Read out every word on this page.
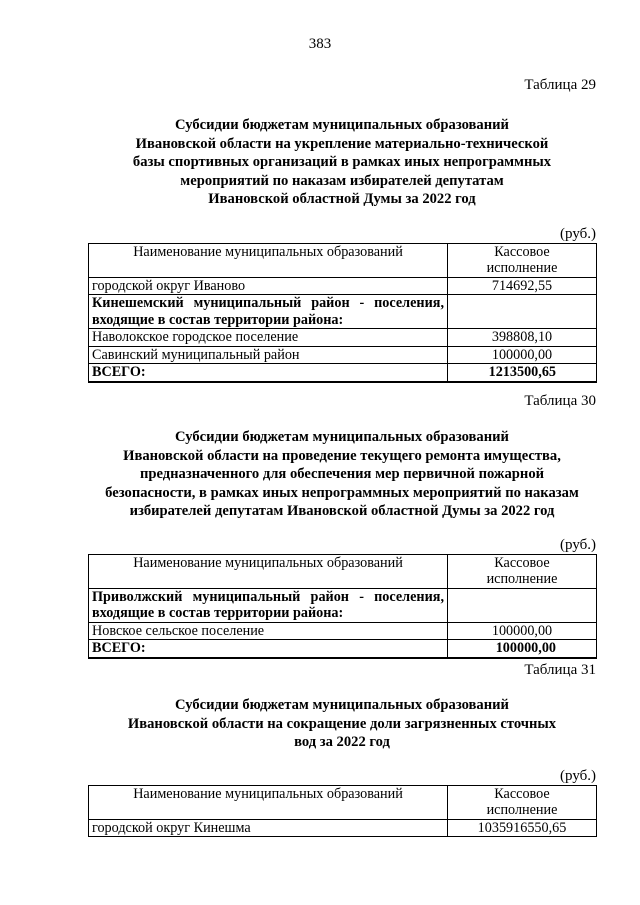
383
Таблица 29
Субсидии бюджетам муниципальных образований
Ивановской области на укрепление материально-технической
базы спортивных организаций в рамках иных непрограммных
мероприятий по наказам избирателей депутатам
Ивановской областной Думы за 2022 год
(руб.)
Наименование муниципальных образований	Кассовое
исполнение
городской округ Иваново	714692,55
Кинешемский муниципальный район - поселения, входящие в состав территории района:	
Наволокское городское поселение	398808,10
Савинский муниципальный район	100000,00
ВСЕГО:	1213500,65
Таблица 30
Субсидии бюджетам муниципальных образований
Ивановской области на проведение текущего ремонта имущества,
предназначенного для обеспечения мер первичной пожарной
безопасности, в рамках иных непрограммных мероприятий по наказам
избирателей депутатам Ивановской областной Думы за 2022 год
(руб.)
Наименование муниципальных образований	Кассовое
исполнение
Приволжский муниципальный район - поселения, входящие в состав территории района:	
Новское сельское поселение	100000,00
ВСЕГО:	100000,00
Таблица 31
Субсидии бюджетам муниципальных образований
Ивановской области на сокращение доли загрязненных сточных
вод за 2022 год
(руб.)
Наименование муниципальных образований	Кассовое
исполнение
городской округ Кинешма	1035916550,65
